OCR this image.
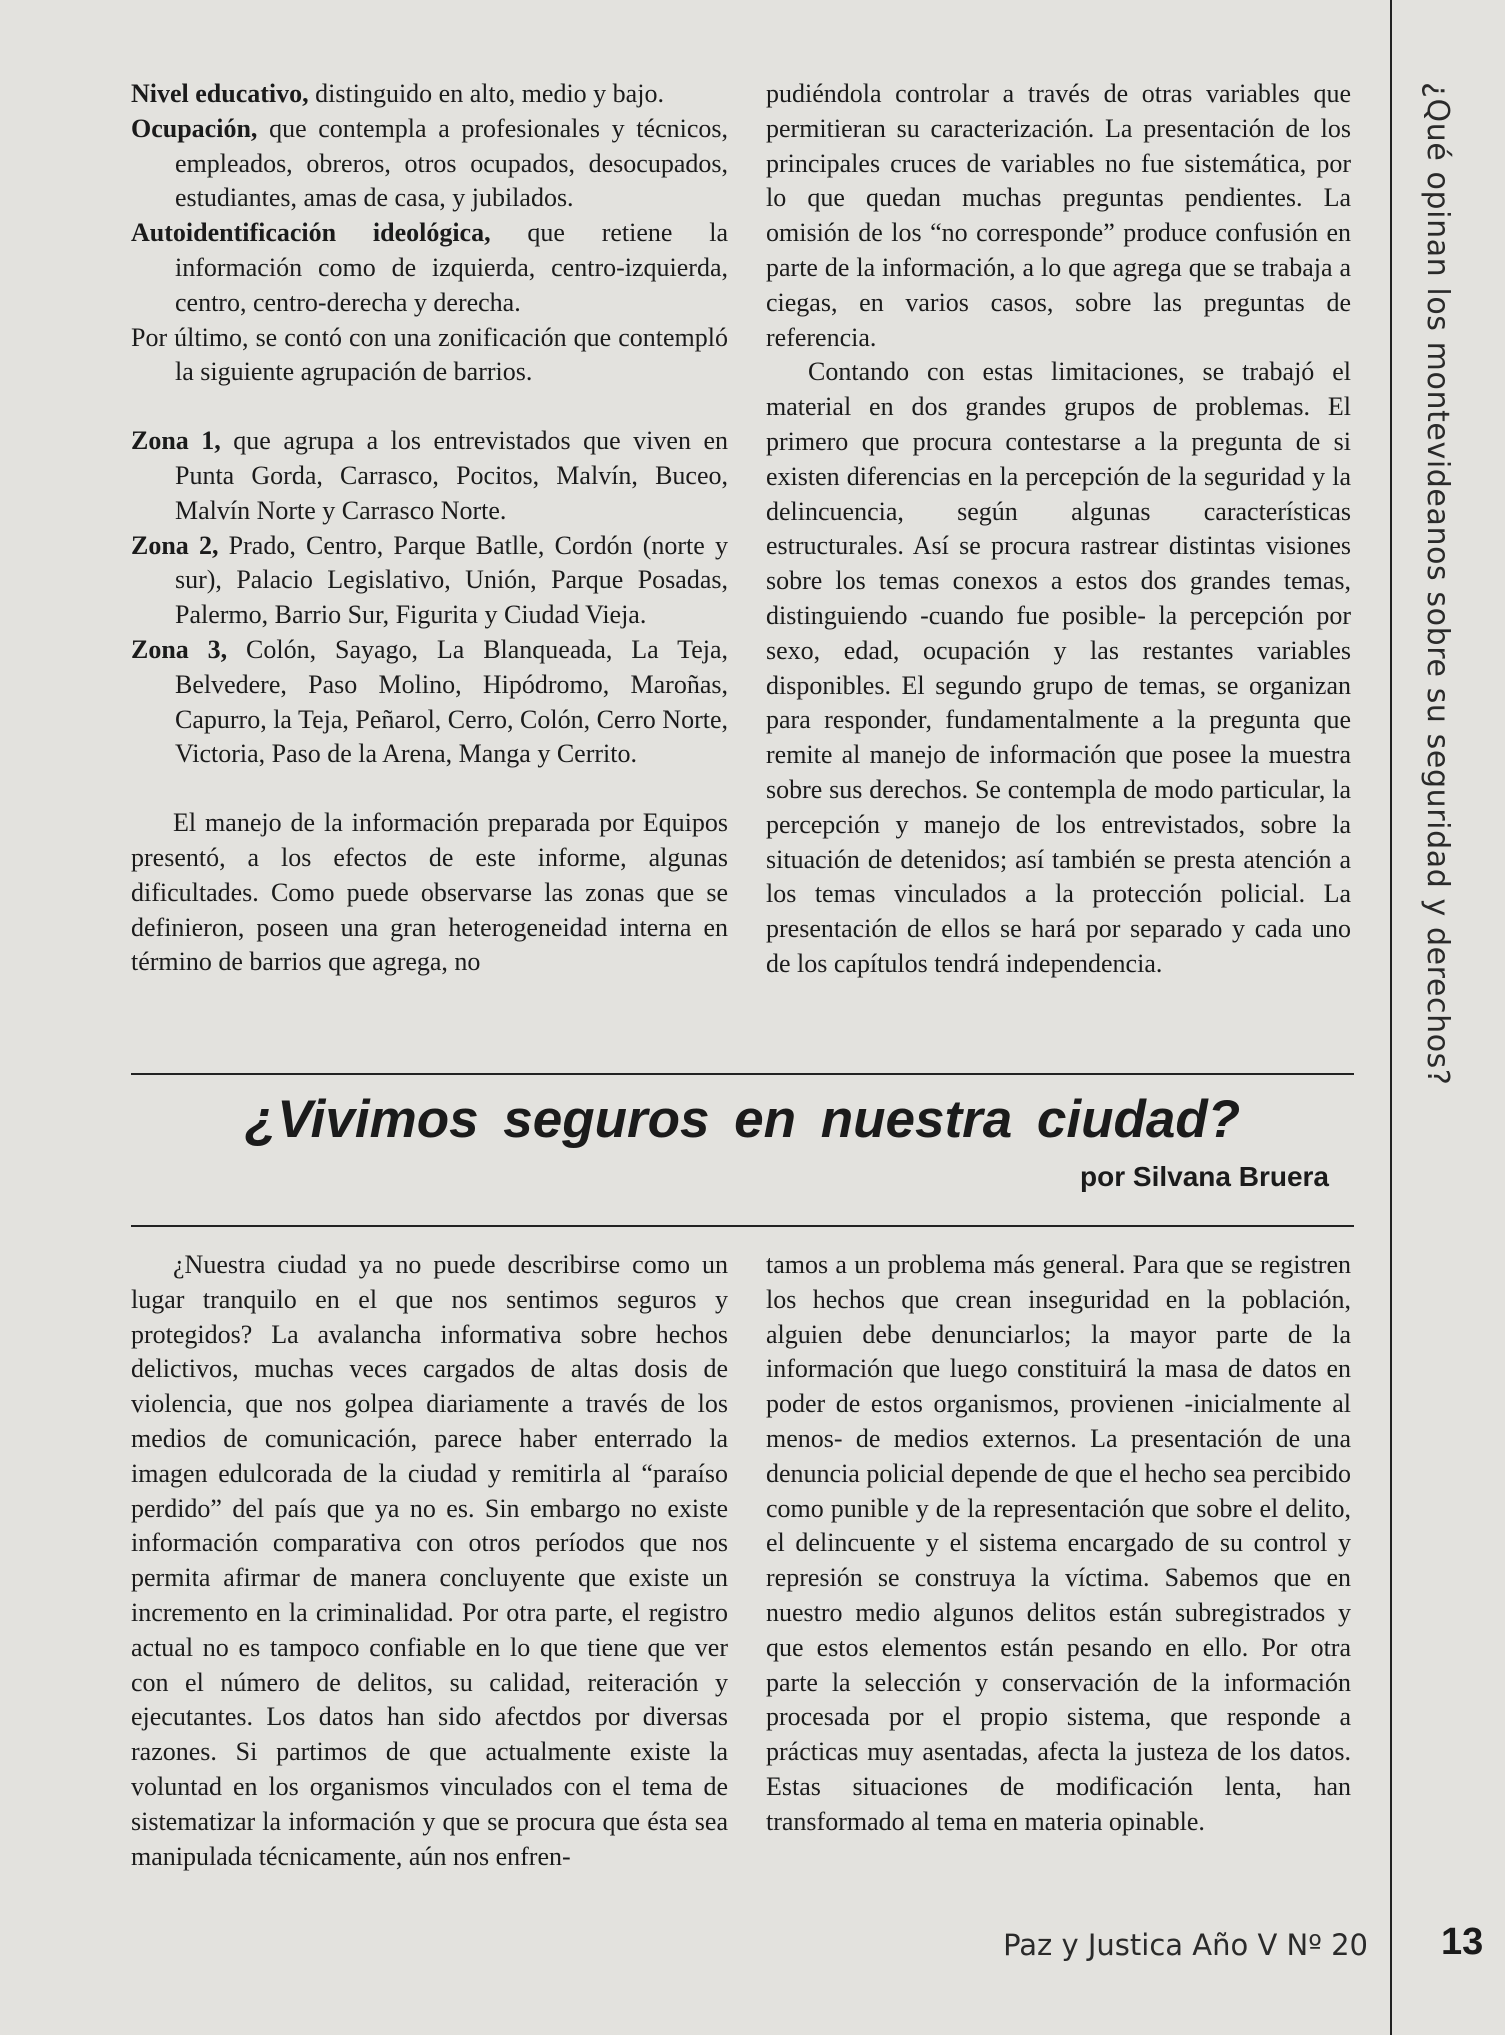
¿Qué opinan los montevideanos sobre su seguridad y derechos?

Nivel educativo, distinguido en alto, medio y bajo.

Ocupación, que contempla a profesionales y técnicos, empleados, obreros, otros ocupados, desocupados, estudiantes, amas de casa, y jubilados.

Autoidentificación ideológica, que retiene la información como de izquierda, centro-izquierda, centro, centro-derecha y derecha.

Por último, se contó con una zonificación que contempló la siguiente agrupación de barrios.

Zona 1, que agrupa a los entrevistados que viven en Punta Gorda, Carrasco, Pocitos, Malvín, Buceo, Malvín Norte y Carrasco Norte.

Zona 2, Prado, Centro, Parque Batlle, Cordón (norte y sur), Palacio Legislativo, Unión, Parque Posadas, Palermo, Barrio Sur, Figurita y Ciudad Vieja.

Zona 3, Colón, Sayago, La Blanqueada, La Teja, Belvedere, Paso Molino, Hipódromo, Maroñas, Capurro, la Teja, Peñarol, Cerro, Colón, Cerro Norte, Victoria, Paso de la Arena, Manga y Cerrito.

El manejo de la información preparada por Equipos presentó, a los efectos de este informe, algunas dificultades. Como puede observarse las zonas que se definieron, poseen una gran heterogeneidad interna en término de barrios que agrega, no

pudiéndola controlar a través de otras variables que permitieran su caracterización. La presentación de los principales cruces de variables no fue sistemática, por lo que quedan muchas preguntas pendientes. La omisión de los “no corresponde” produce confusión en parte de la información, a lo que agrega que se trabaja a ciegas, en varios casos, sobre las preguntas de referencia.

Contando con estas limitaciones, se trabajó el material en dos grandes grupos de problemas. El primero que procura contestarse a la pregunta de si existen diferencias en la percepción de la seguridad y la delincuencia, según algunas características estructurales. Así se procura rastrear distintas visiones sobre los temas conexos a estos dos grandes temas, distinguiendo -cuando fue posible- la percepción por sexo, edad, ocupación y las restantes variables disponibles. El segundo grupo de temas, se organizan para responder, fundamentalmente a la pregunta que remite al manejo de información que posee la muestra sobre sus derechos. Se contempla de modo particular, la percepción y manejo de los entrevistados, sobre la situación de detenidos; así también se presta atención a los temas vinculados a la protección policial. La presentación de ellos se hará por separado y cada uno de los capítulos tendrá independencia.

¿Vivimos seguros en nuestra ciudad?
por Silvana Bruera

¿Nuestra ciudad ya no puede describirse como un lugar tranquilo en el que nos sentimos seguros y protegidos? La avalancha informativa sobre hechos delictivos, muchas veces cargados de altas dosis de violencia, que nos golpea diariamente a través de los medios de comunicación, parece haber enterrado la imagen edulcorada de la ciudad y remitirla al “paraíso perdido” del país que ya no es. Sin embargo no existe información comparativa con otros períodos que nos permita afirmar de manera concluyente que existe un incremento en la criminalidad. Por otra parte, el registro actual no es tampoco confiable en lo que tiene que ver con el número de delitos, su calidad, reiteración y ejecutantes. Los datos han sido afectdos por diversas razones. Si partimos de que actualmente existe la voluntad en los organismos vinculados con el tema de sistematizar la información y que se procura que ésta sea manipulada técnicamente, aún nos enfren-

tamos a un problema más general. Para que se registren los hechos que crean inseguridad en la población, alguien debe denunciarlos; la mayor parte de la información que luego constituirá la masa de datos en poder de estos organismos, provienen -inicialmente al menos- de medios externos. La presentación de una denuncia policial depende de que el hecho sea percibido como punible y de la representación que sobre el delito, el delincuente y el sistema encargado de su control y represión se construya la víctima. Sabemos que en nuestro medio algunos delitos están subregistrados y que estos elementos están pesando en ello. Por otra parte la selección y conservación de la información procesada por el propio sistema, que responde a prácticas muy asentadas, afecta la justeza de los datos. Estas situaciones de modificación lenta, han transformado al tema en materia opinable.

Paz y Justica Año V Nº 20 13
